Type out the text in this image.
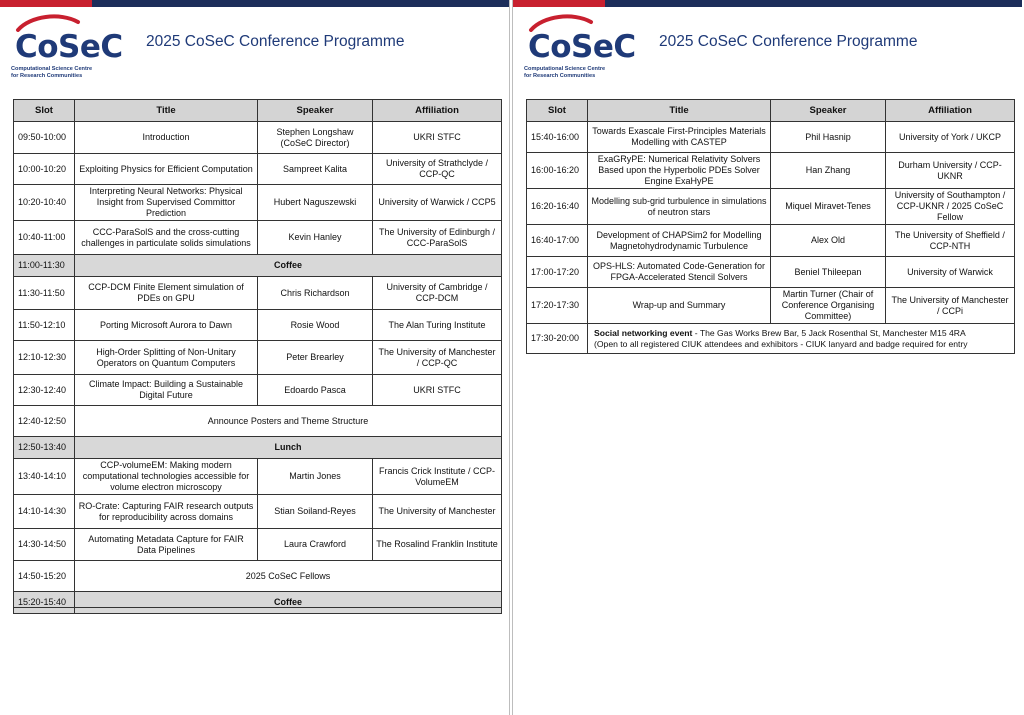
CoSeC
Computational Science Centre
for Research Communities
2025 CoSeC Conference Programme
Slot	Title	Speaker	Affiliation
09:50-10:00	Introduction	Stephen Longshaw (CoSeC Director)	UKRI STFC
10:00-10:20	Exploiting Physics for Efficient Computation	Sampreet Kalita	University of Strathclyde / CCP-QC
10:20-10:40	Interpreting Neural Networks: Physical Insight from Supervised Committor Prediction	Hubert Naguszewski	University of Warwick / CCP5
10:40-11:00	CCC-ParaSolS and the cross-cutting challenges in particulate solids simulations	Kevin Hanley	The University of Edinburgh / CCC-ParaSolS
11:00-11:30	Coffee		
11:30-11:50	CCP-DCM Finite Element simulation of PDEs on GPU	Chris Richardson	University of Cambridge / CCP-DCM
11:50-12:10	Porting Microsoft Aurora to Dawn	Rosie Wood	The Alan Turing Institute
12:10-12:30	High-Order Splitting of Non-Unitary Operators on Quantum Computers	Peter Brearley	The University of Manchester / CCP-QC
12:30-12:40	Climate Impact: Building a Sustainable Digital Future	Edoardo Pasca	UKRI STFC
12:40-12:50	Announce Posters and Theme Structure		
12:50-13:40	Lunch		
13:40-14:10	CCP-volumeEM: Making modern computational technologies accessible for volume electron microscopy	Martin Jones	Francis Crick Institute / CCP-VolumeEM
14:10-14:30	RO-Crate: Capturing FAIR research outputs for reproducibility across domains	Stian Soiland-Reyes	The University of Manchester
14:30-14:50	Automating Metadata Capture for FAIR Data Pipelines	Laura Crawford	The Rosalind Franklin Institute
14:50-15:20	2025 CoSeC Fellows		
15:20-15:40	Coffee		
CoSeC
Computational Science Centre
for Research Communities
2025 CoSeC Conference Programme
Slot	Title	Speaker	Affiliation
15:40-16:00	Towards Exascale First-Principles Materials Modelling with CASTEP	Phil Hasnip	University of York / UKCP
16:00-16:20	ExaGRyPE: Numerical Relativity Solvers Based upon the Hyperbolic PDEs Solver Engine ExaHyPE	Han Zhang	Durham University / CCP-UKNR
16:20-16:40	Modelling sub-grid turbulence in simulations of neutron stars	Miquel Miravet-Tenes	University of Southampton / CCP-UKNR / 2025 CoSeC Fellow
16:40-17:00	Development of CHAPSim2 for Modelling Magnetohydrodynamic Turbulence	Alex Old	The University of Sheffield / CCP-NTH
17:00-17:20	OPS-HLS: Automated Code-Generation for FPGA-Accelerated Stencil Solvers	Beniel Thileepan	University of Warwick
17:20-17:30	Wrap-up and Summary	Martin Turner (Chair of Conference Organising Committee)	The University of Manchester / CCPi
17:30-20:00	Social networking event - The Gas Works Brew Bar, 5 Jack Rosenthal St, Manchester M15 4RA
(Open to all registered CIUK attendees and exhibitors - CIUK lanyard and badge required for entry		
